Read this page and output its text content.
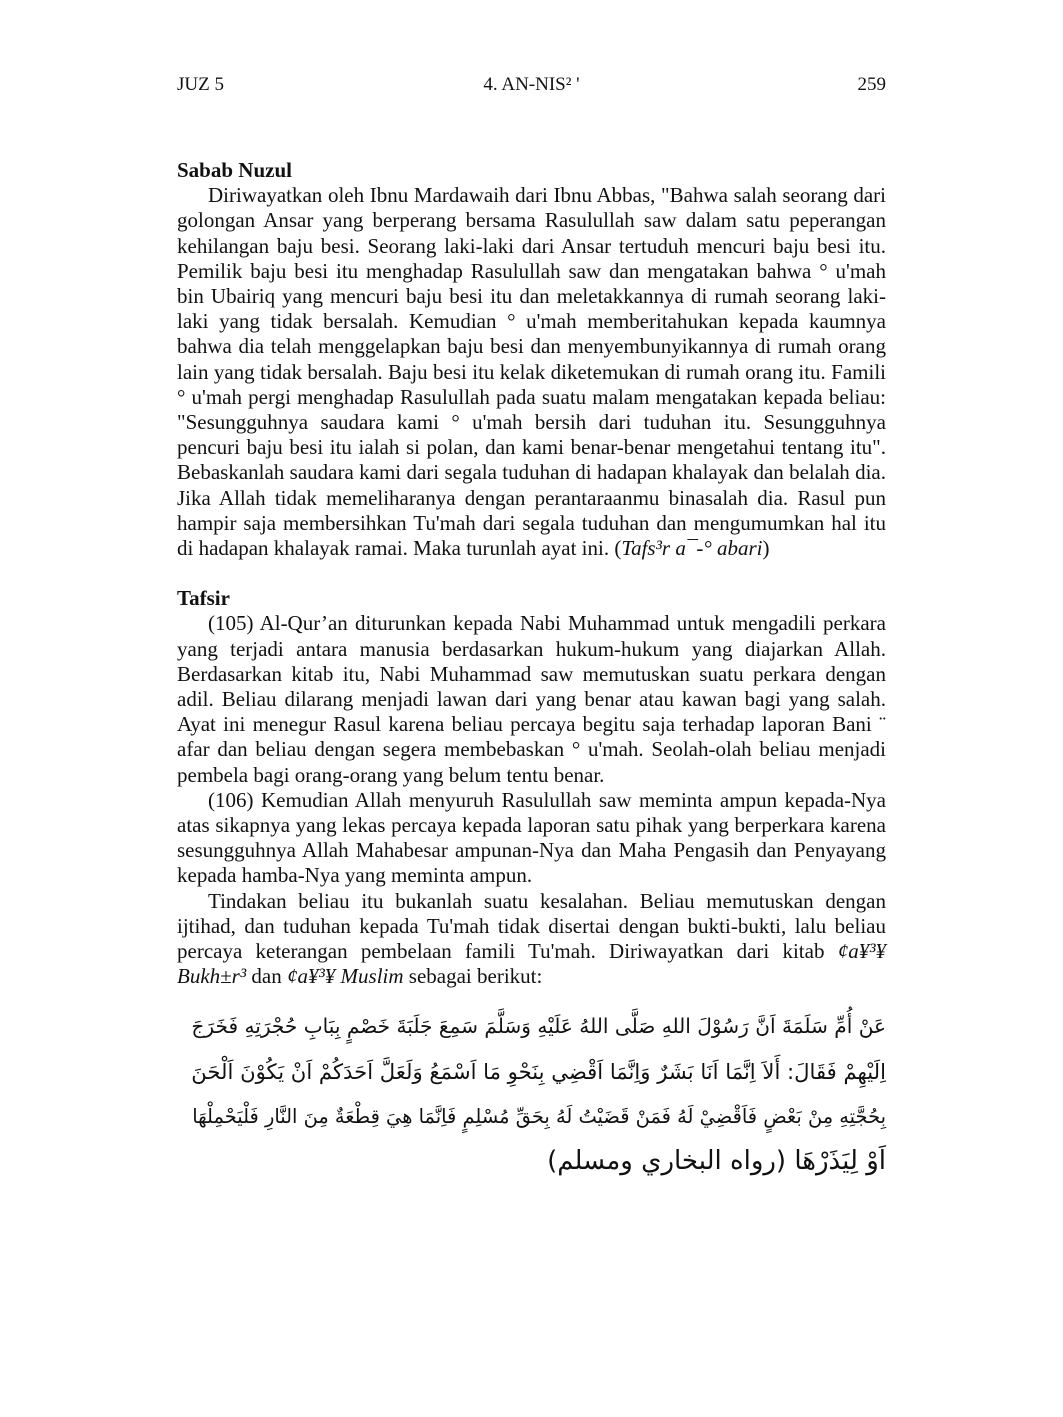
JUZ 5	4. AN-NIS² '	259

Sabab Nuzul

Diriwayatkan oleh Ibnu Mardawaih dari Ibnu Abbas, "Bahwa salah seorang dari golongan Ansar yang berperang bersama Rasulullah saw dalam satu peperangan kehilangan baju besi. Seorang laki-laki dari Ansar tertuduh mencuri baju besi itu. Pemilik baju besi itu menghadap Rasulullah saw dan mengatakan bahwa ° u'mah bin Ubairiq yang mencuri baju besi itu dan meletakkannya di rumah seorang laki-laki yang tidak bersalah. Kemudian ° u'mah memberitahukan kepada kaumnya bahwa dia telah menggelapkan baju besi dan menyembunyikannya di rumah orang lain yang tidak bersalah. Baju besi itu kelak diketemukan di rumah orang itu. Famili ° u'mah pergi menghadap Rasulullah pada suatu malam mengatakan kepada beliau: "Sesungguhnya saudara kami ° u'mah bersih dari tuduhan itu. Sesungguhnya pencuri baju besi itu ialah si polan, dan kami benar-benar mengetahui tentang itu". Bebaskanlah saudara kami dari segala tuduhan di hadapan khalayak dan belalah dia. Jika Allah tidak memeliharanya dengan perantaraanmu binasalah dia. Rasul pun hampir saja membersihkan Tu'mah dari segala tuduhan dan mengumumkan hal itu di hadapan khalayak ramai. Maka turunlah ayat ini. (Tafs³r a¯-° abari)

Tafsir

(105) Al-Qur’an diturunkan kepada Nabi Muhammad untuk mengadili perkara yang terjadi antara manusia berdasarkan hukum-hukum yang diajarkan Allah. Berdasarkan kitab itu, Nabi Muhammad saw memutuskan suatu perkara dengan adil. Beliau dilarang menjadi lawan dari yang benar atau kawan bagi yang salah. Ayat ini menegur Rasul karena beliau percaya begitu saja terhadap laporan Bani ¨ afar dan beliau dengan segera membebaskan ° u'mah. Seolah-olah beliau menjadi pembela bagi orang-orang yang belum tentu benar.

(106) Kemudian Allah menyuruh Rasulullah saw meminta ampun kepada-Nya atas sikapnya yang lekas percaya kepada laporan satu pihak yang berperkara karena sesungguhnya Allah Mahabesar ampunan-Nya dan Maha Pengasih dan Penyayang kepada hamba-Nya yang meminta ampun.

Tindakan beliau itu bukanlah suatu kesalahan. Beliau memutuskan dengan ijtihad, dan tuduhan kepada Tu'mah tidak disertai dengan bukti-bukti, lalu beliau percaya keterangan pembelaan famili Tu'mah. Diriwayatkan dari kitab ¢a¥³¥ Bukh±r³ dan ¢a¥³¥ Muslim sebagai berikut:

عَنْ أُمِّ سَلَمَةَ اَنَّ رَسُوْلَ اللهِ صَلَّى اللهُ عَلَيْهِ وَسَلَّمَ سَمِعَ جَلَبَةَ خَصْمٍ بِبَابِ حُجْرَتِهِ فَخَرَجَ
اِلَيْهِمْ فَقَالَ: أَلاَ اِنَّمَا اَنَا بَشَرٌ وَاِنَّمَا اَقْضِي بِنَحْوِ مَا اَسْمَعُ وَلَعَلَّ اَحَدَكُمْ اَنْ يَكُوْنَ اَلْحَنَ
بِحُجَّتِهِ مِنْ بَعْضٍ فَاَقْضِيْ لَهُ فَمَنْ قَضَيْتُ لَهُ بِحَقِّ مُسْلِمٍ فَاِنَّمَا هِيَ قِطْعَةٌ مِنَ النَّارِ فَلْيَحْمِلْهَا
اَوْ لِيَذَرْهَا (رواه البخاري ومسلم)
